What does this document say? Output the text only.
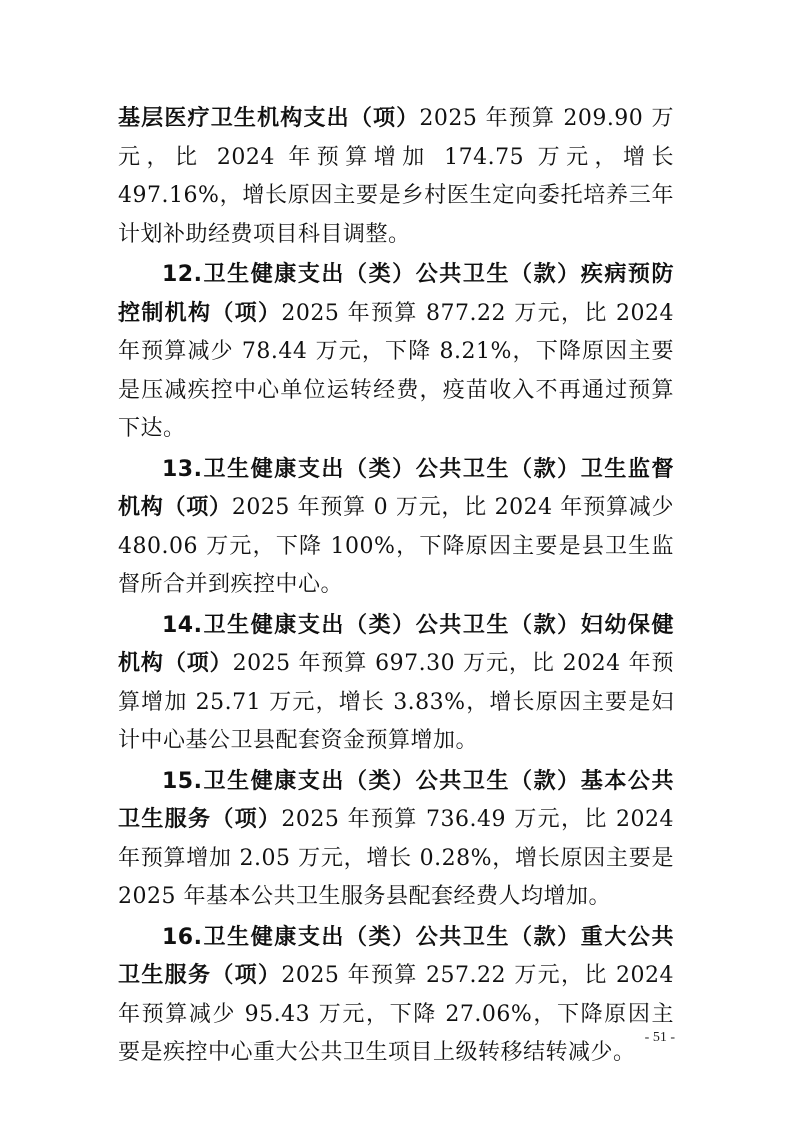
基层医疗卫生机构支出（项）2025 年预算 209.90 万元，比 2024 年预算增加 174.75 万元，增长 497.16%，增长原因主要是乡村医生定向委托培养三年计划补助经费项目科目调整。

12.卫生健康支出（类）公共卫生（款）疾病预防控制机构（项）2025 年预算 877.22 万元，比 2024 年预算减少 78.44 万元，下降 8.21%，下降原因主要是压减疾控中心单位运转经费，疫苗收入不再通过预算下达。

13.卫生健康支出（类）公共卫生（款）卫生监督机构（项）2025 年预算 0 万元，比 2024 年预算减少 480.06 万元，下降 100%，下降原因主要是县卫生监督所合并到疾控中心。

14.卫生健康支出（类）公共卫生（款）妇幼保健机构（项）2025 年预算 697.30 万元，比 2024 年预算增加 25.71 万元，增长 3.83%，增长原因主要是妇计中心基公卫县配套资金预算增加。

15.卫生健康支出（类）公共卫生（款）基本公共卫生服务（项）2025 年预算 736.49 万元，比 2024 年预算增加 2.05 万元，增长 0.28%，增长原因主要是 2025 年基本公共卫生服务县配套经费人均增加。

16.卫生健康支出（类）公共卫生（款）重大公共卫生服务（项）2025 年预算 257.22 万元，比 2024 年预算减少 95.43 万元，下降 27.06%，下降原因主要是疾控中心重大公共卫生项目上级转移结转减少。

- 51 -
